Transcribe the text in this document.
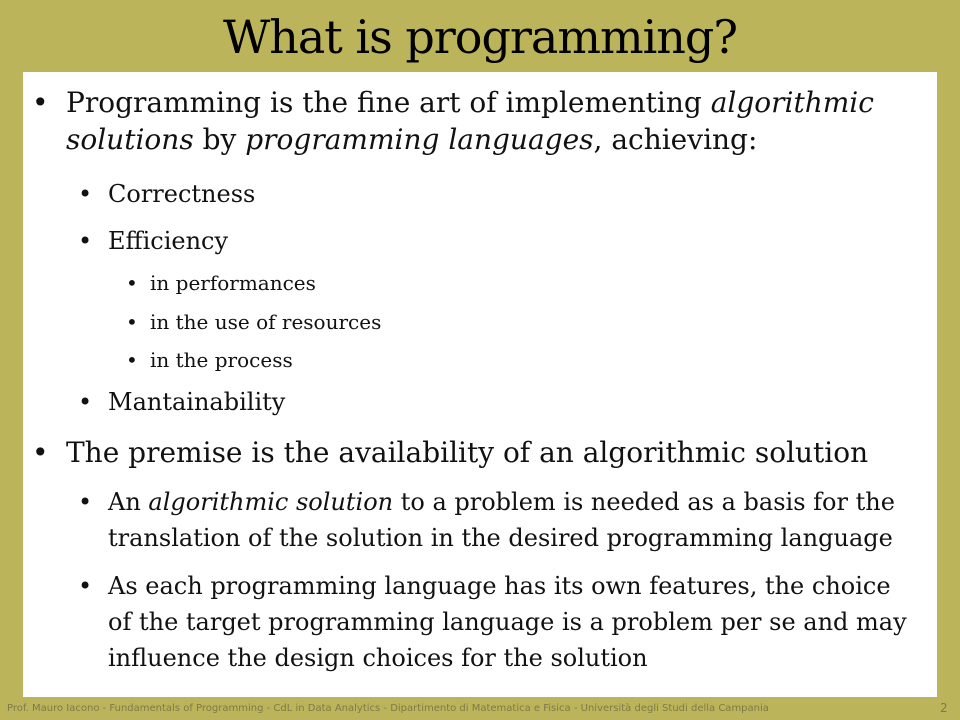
What is programming?
• Programming is the fine art of implementing algorithmic solutions by programming languages, achieving:
• Correctness
• Efficiency
• in performances
• in the use of resources
• in the process
• Mantainability
• The premise is the availability of an algorithmic solution
• An algorithmic solution to a problem is needed as a basis for the translation of the solution in the desired programming language
• As each programming language has its own features, the choice of the target programming language is a problem per se and may influence the design choices for the solution
Prof. Mauro Iacono - Fundamentals of Programming - CdL in Data Analytics - Dipartimento di Matematica e Fisica - Università degli Studi della Campania	2
